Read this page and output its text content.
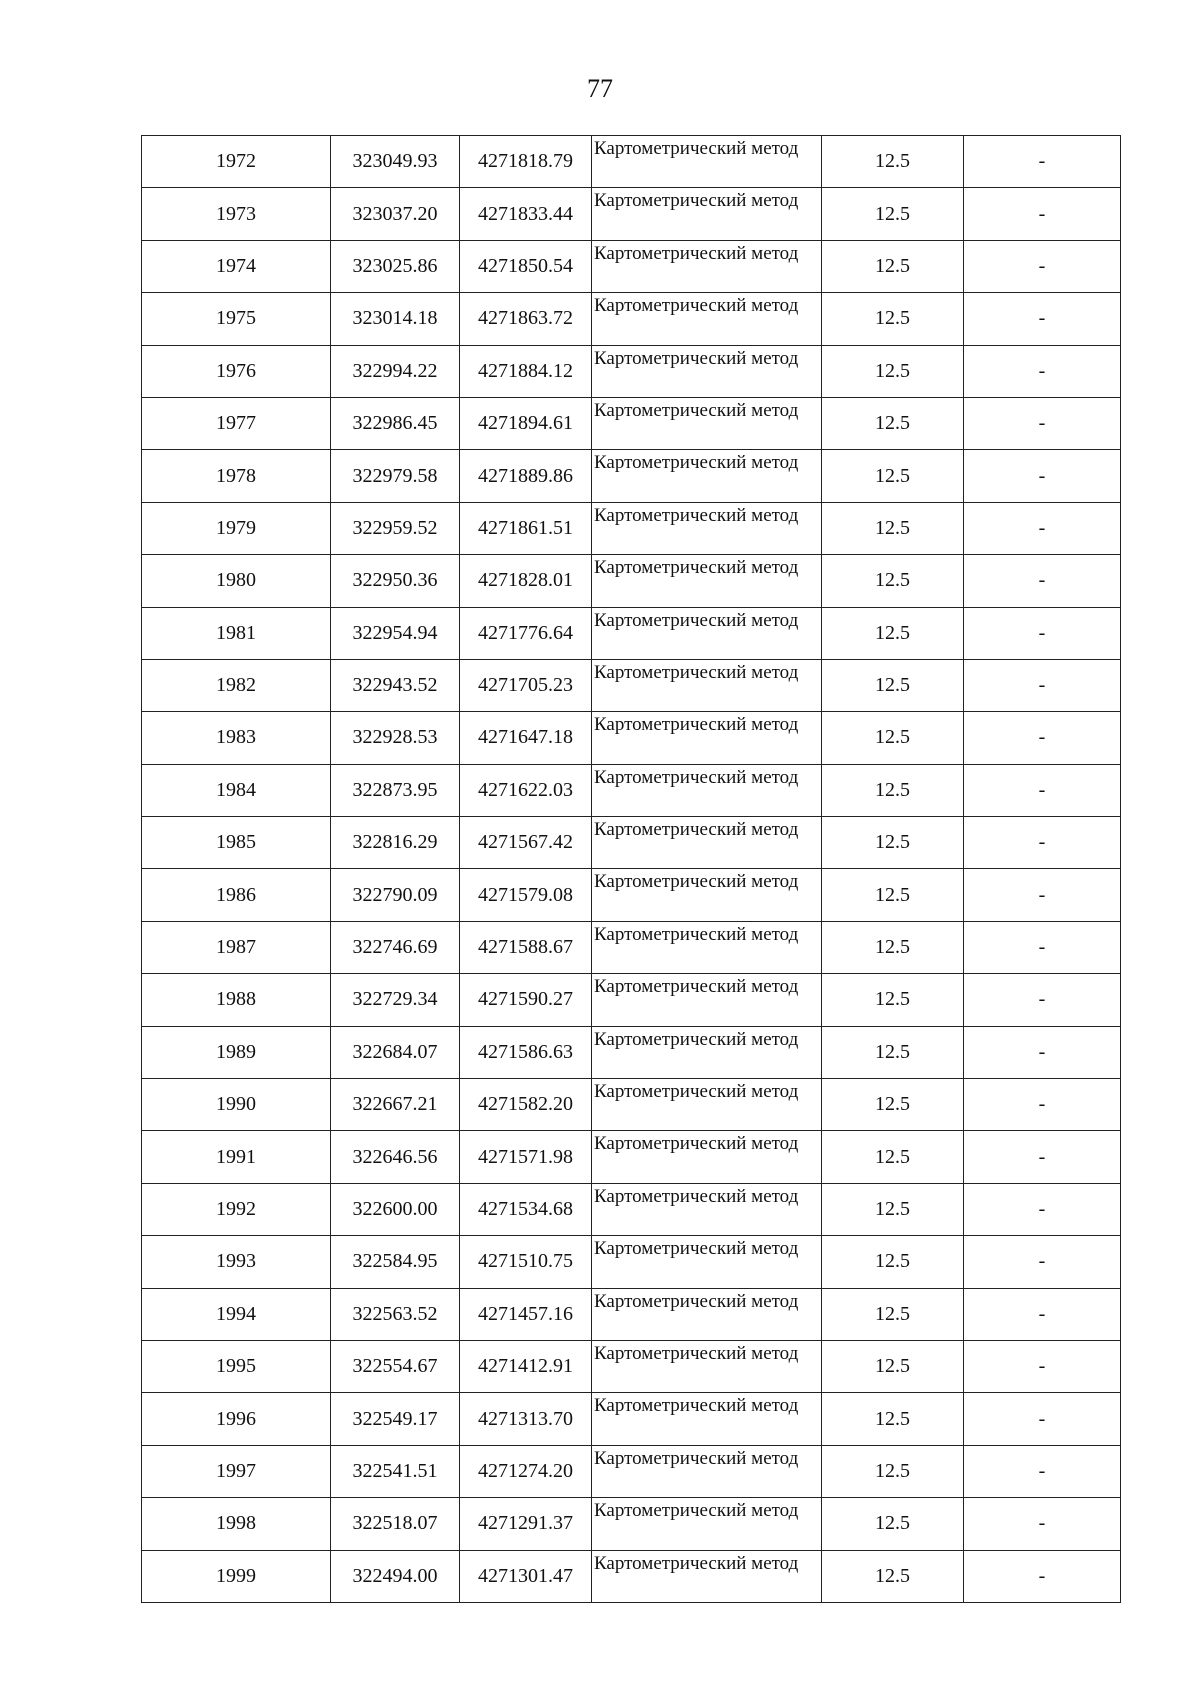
77
1972	323049.93	4271818.79	Картометрический метод	12.5	-
1973	323037.20	4271833.44	Картометрический метод	12.5	-
1974	323025.86	4271850.54	Картометрический метод	12.5	-
1975	323014.18	4271863.72	Картометрический метод	12.5	-
1976	322994.22	4271884.12	Картометрический метод	12.5	-
1977	322986.45	4271894.61	Картометрический метод	12.5	-
1978	322979.58	4271889.86	Картометрический метод	12.5	-
1979	322959.52	4271861.51	Картометрический метод	12.5	-
1980	322950.36	4271828.01	Картометрический метод	12.5	-
1981	322954.94	4271776.64	Картометрический метод	12.5	-
1982	322943.52	4271705.23	Картометрический метод	12.5	-
1983	322928.53	4271647.18	Картометрический метод	12.5	-
1984	322873.95	4271622.03	Картометрический метод	12.5	-
1985	322816.29	4271567.42	Картометрический метод	12.5	-
1986	322790.09	4271579.08	Картометрический метод	12.5	-
1987	322746.69	4271588.67	Картометрический метод	12.5	-
1988	322729.34	4271590.27	Картометрический метод	12.5	-
1989	322684.07	4271586.63	Картометрический метод	12.5	-
1990	322667.21	4271582.20	Картометрический метод	12.5	-
1991	322646.56	4271571.98	Картометрический метод	12.5	-
1992	322600.00	4271534.68	Картометрический метод	12.5	-
1993	322584.95	4271510.75	Картометрический метод	12.5	-
1994	322563.52	4271457.16	Картометрический метод	12.5	-
1995	322554.67	4271412.91	Картометрический метод	12.5	-
1996	322549.17	4271313.70	Картометрический метод	12.5	-
1997	322541.51	4271274.20	Картометрический метод	12.5	-
1998	322518.07	4271291.37	Картометрический метод	12.5	-
1999	322494.00	4271301.47	Картометрический метод	12.5	-
